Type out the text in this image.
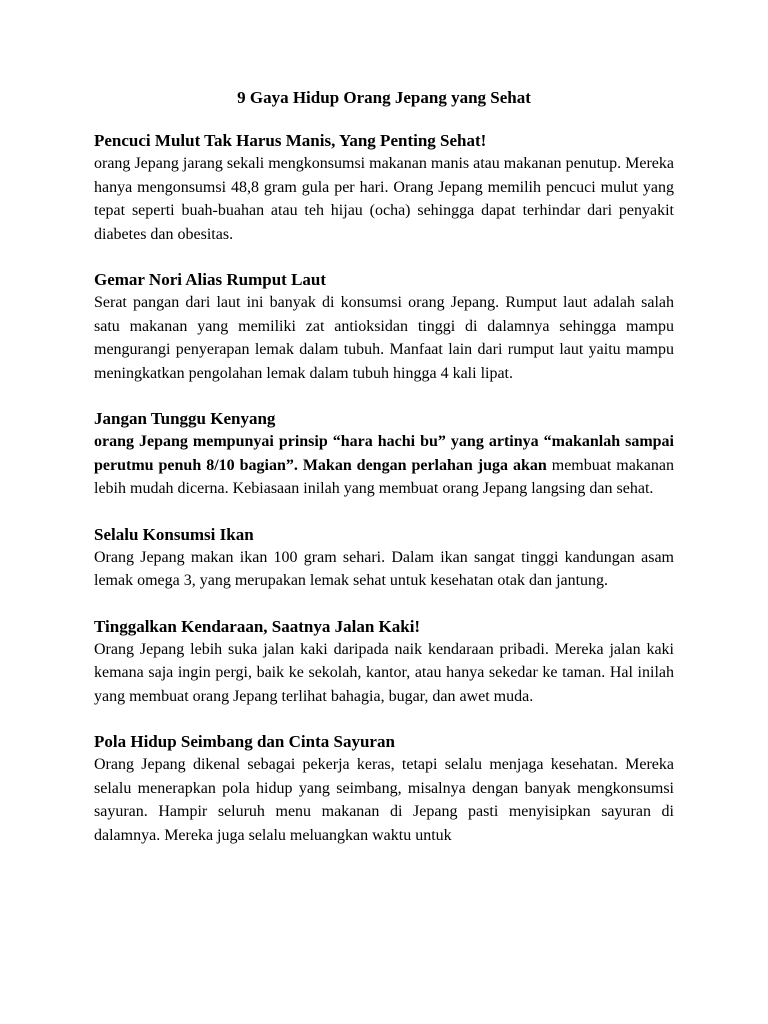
9 Gaya Hidup Orang Jepang yang Sehat
Pencuci Mulut Tak Harus Manis, Yang Penting Sehat!

orang Jepang jarang sekali mengkonsumsi makanan manis atau makanan penutup. Mereka hanya mengonsumsi 48,8 gram gula per hari. Orang Jepang memilih pencuci mulut yang tepat seperti buah-buahan atau teh hijau (ocha) sehingga dapat terhindar dari penyakit diabetes dan obesitas.

Gemar Nori Alias Rumput Laut

Serat pangan dari laut ini banyak di konsumsi orang Jepang. Rumput laut adalah salah satu makanan yang memiliki zat antioksidan tinggi di dalamnya sehingga mampu mengurangi penyerapan lemak dalam tubuh. Manfaat lain dari rumput laut yaitu mampu meningkatkan pengolahan lemak dalam tubuh hingga 4 kali lipat.

Jangan Tunggu Kenyang

orang Jepang mempunyai prinsip “hara hachi bu” yang artinya “makanlah sampai perutmu penuh 8/10 bagian”. Makan dengan perlahan juga akan membuat makanan lebih mudah dicerna. Kebiasaan inilah yang membuat orang Jepang langsing dan sehat.

Selalu Konsumsi Ikan

Orang Jepang makan ikan 100 gram sehari. Dalam ikan sangat tinggi kandungan asam lemak omega 3, yang merupakan lemak sehat untuk kesehatan otak dan jantung.

Tinggalkan Kendaraan, Saatnya Jalan Kaki!

Orang Jepang lebih suka jalan kaki daripada naik kendaraan pribadi. Mereka jalan kaki kemana saja ingin pergi, baik ke sekolah, kantor, atau hanya sekedar ke taman. Hal inilah yang membuat orang Jepang terlihat bahagia, bugar, dan awet muda.

Pola Hidup Seimbang dan Cinta Sayuran

Orang Jepang dikenal sebagai pekerja keras, tetapi selalu menjaga kesehatan. Mereka selalu menerapkan pola hidup yang seimbang, misalnya dengan banyak mengkonsumsi sayuran. Hampir seluruh menu makanan di Jepang pasti menyisipkan sayuran di dalamnya. Mereka juga selalu meluangkan waktu untuk
